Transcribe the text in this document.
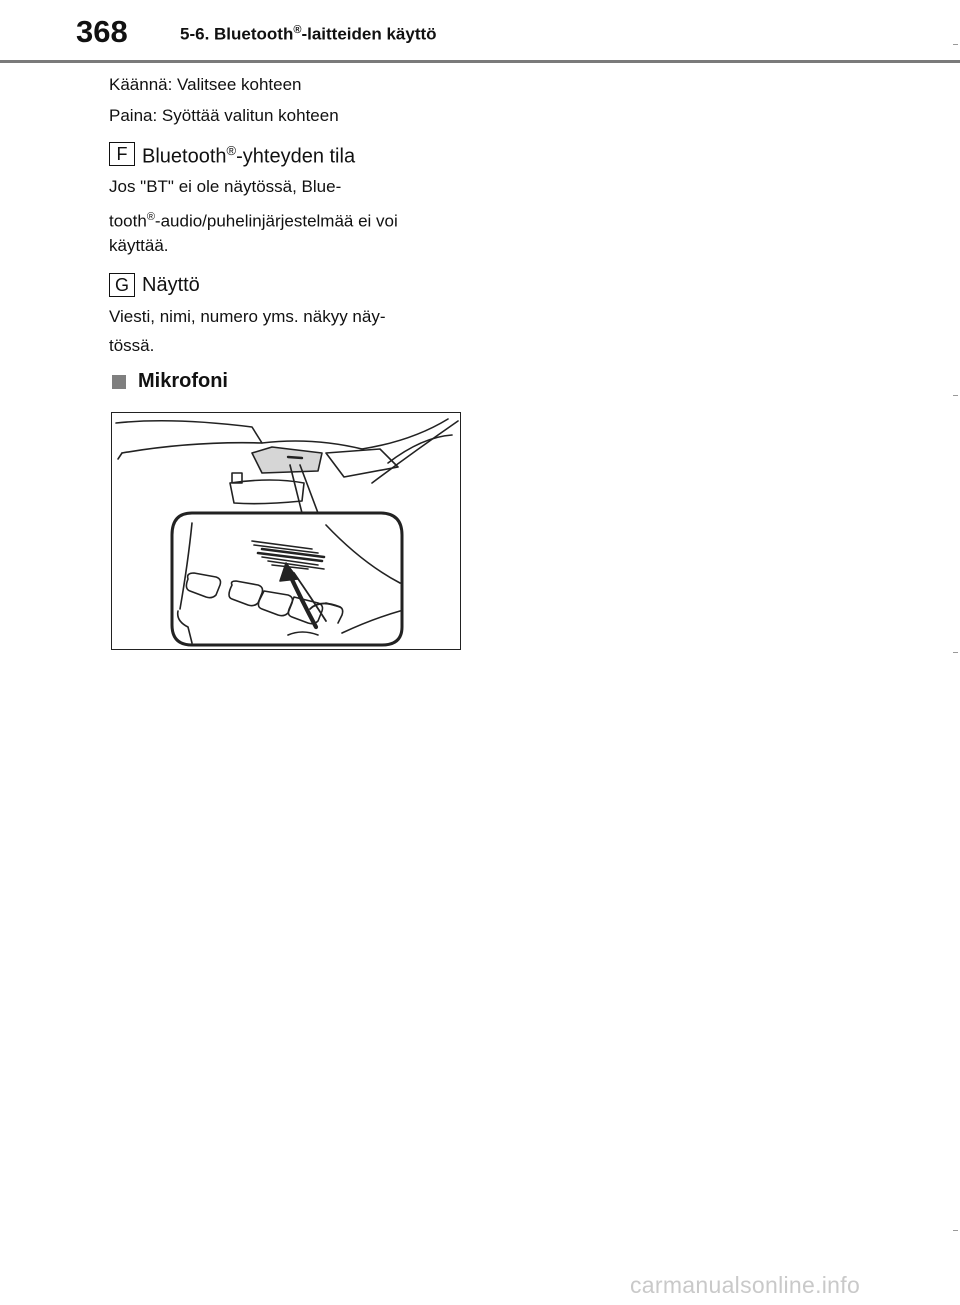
368	5-6. Bluetooth®-laitteiden käyttö
Käännä: Valitsee kohteen
Paina: Syöttää valitun kohteen
F Bluetooth®-yhteyden tila
Jos "BT" ei ole näytössä, Blue-
tooth®-audio/puhelinjärjestelmää ei voi
käyttää.
G Näyttö
Viesti, nimi, numero yms. näkyy näy-
tössä.
Mikrofoni
carmanualsonline.info
